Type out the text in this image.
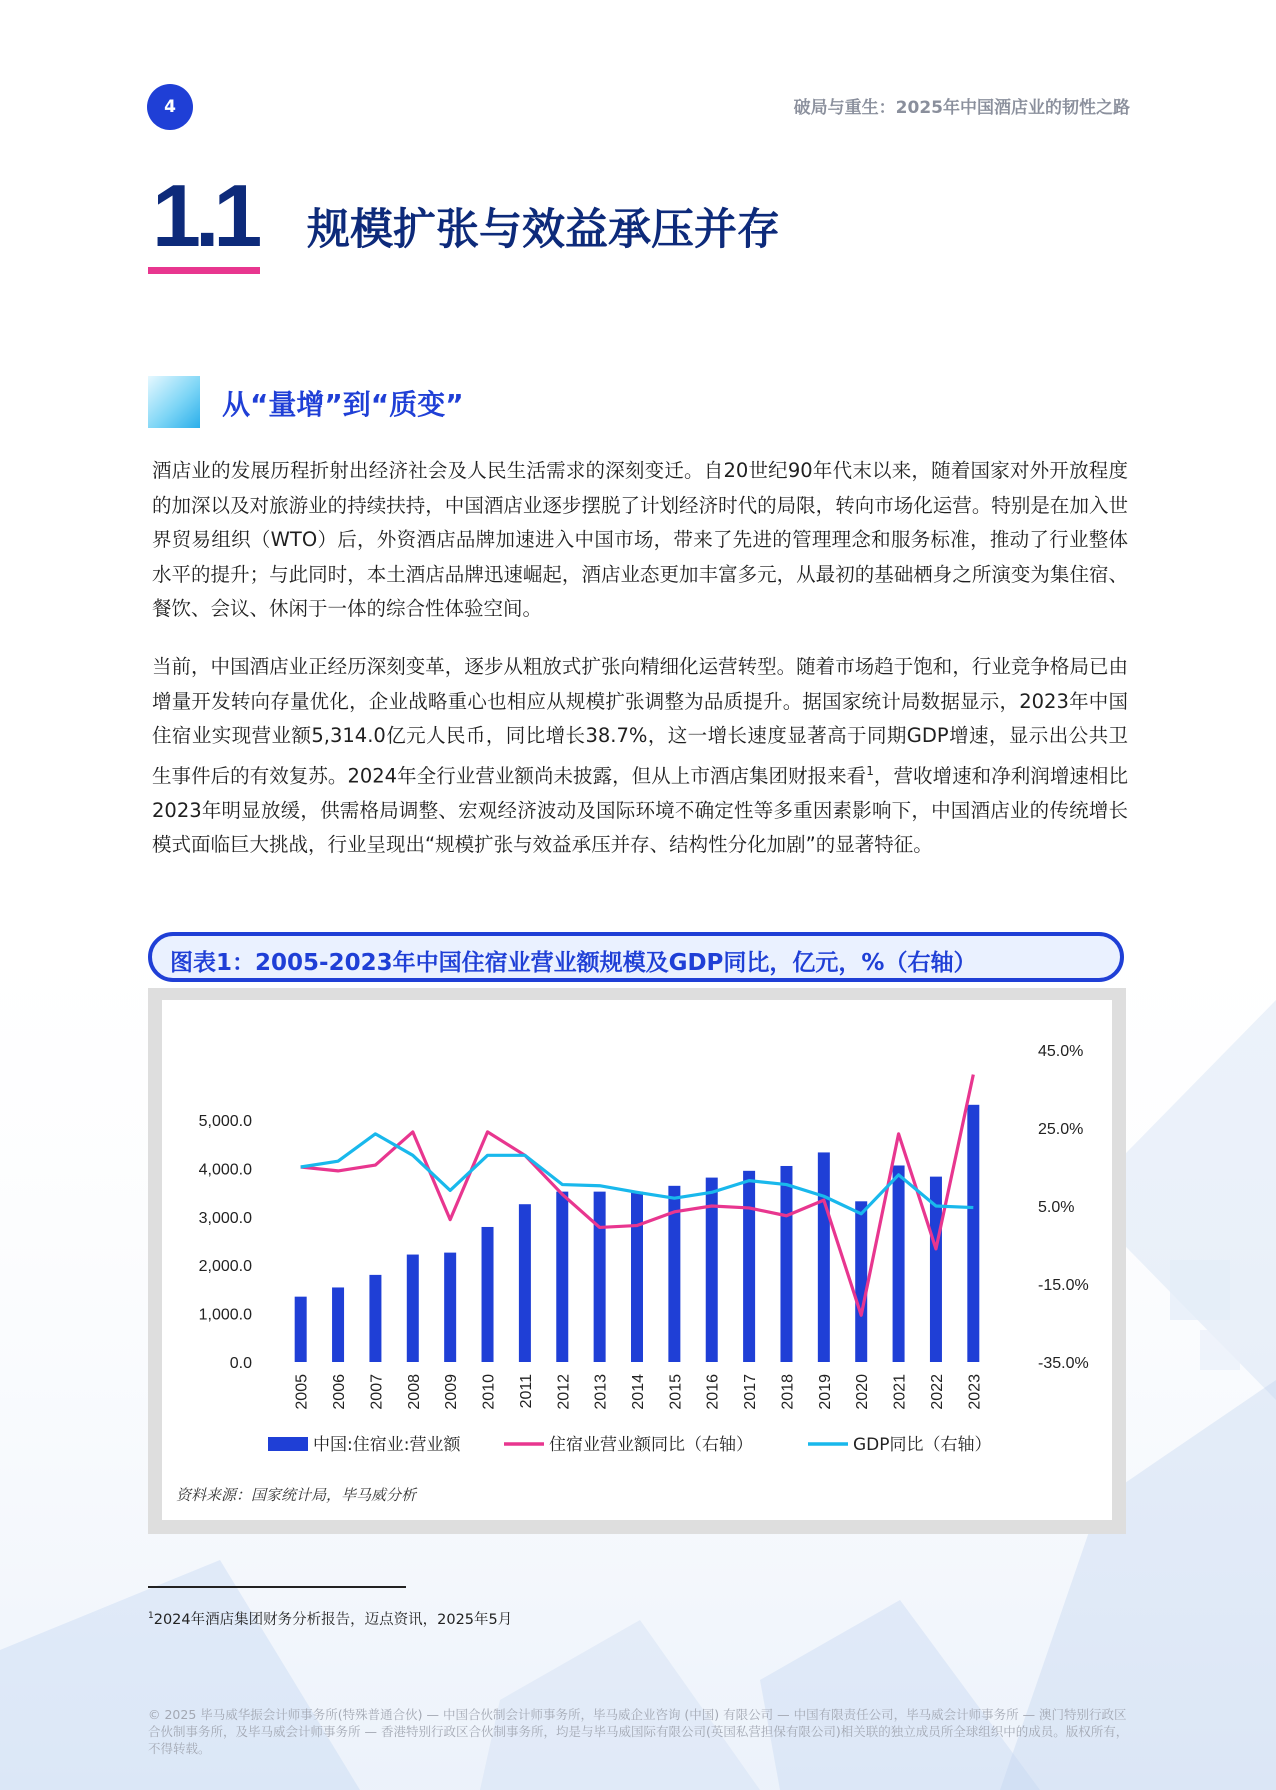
4	破局与重生：2025年中国酒店业的韧性之路
1.1 规模扩张与效益承压并存
从“量增”到“质变”

酒店业的发展历程折射出经济社会及人民生活需求的深刻变迁。自20世纪90年代末以来，随着国家对外开放程度的加深以及对旅游业的持续扶持，中国酒店业逐步摆脱了计划经济时代的局限，转向市场化运营。特别是在加入世界贸易组织（WTO）后，外资酒店品牌加速进入中国市场，带来了先进的管理理念和服务标准，推动了行业整体水平的提升；与此同时，本土酒店品牌迅速崛起，酒店业态更加丰富多元，从最初的基础栖身之所演变为集住宿、餐饮、会议、休闲于一体的综合性体验空间。

当前，中国酒店业正经历深刻变革，逐步从粗放式扩张向精细化运营转型。随着市场趋于饱和，行业竞争格局已由增量开发转向存量优化，企业战略重心也相应从规模扩张调整为品质提升。据国家统计局数据显示，2023年中国住宿业实现营业额5,314.0亿元人民币，同比增长38.7%，这一增长速度显著高于同期GDP增速，显示出公共卫生事件后的有效复苏。2024年全行业营业额尚未披露，但从上市酒店集团财报来看$^1$，营收增速和净利润增速相比2023年明显放缓，供需格局调整、宏观经济波动及国际环境不确定性等多重因素影响下，中国酒店业的传统增长模式面临巨大挑战，行业呈现出“规模扩张与效益承压并存、结构性分化加剧”的显著特征。

图表1：2005-2023年中国住宿业营业额规模及GDP同比，亿元，%（右轴）
0.0
1,000.0
2,000.0
3,000.0
4,000.0
5,000.0
-35.0%
-15.0%
5.0%
25.0%
45.0%
2005 2006 2007 2008 2009 2010 2011 2012 2013 2014 2015 2016 2017 2018 2019 2020 2021 2022 2023
中国:住宿业:营业额	住宿业营业额同比（右轴）	GDP同比（右轴）
资料来源：国家统计局，毕马威分析
$^1$2024年酒店集团财务分析报告，迈点资讯，2025年5月
© 2025 毕马威华振会计师事务所(特殊普通合伙) — 中国合伙制会计师事务所，毕马威企业咨询 (中国) 有限公司 — 中国有限责任公司，毕马威会计师事务所 — 澳门特别行政区合伙制事务所，及毕马威会计师事务所 — 香港特别行政区合伙制事务所，均是与毕马威国际有限公司(英国私营担保有限公司)相关联的独立成员所全球组织中的成员。版权所有，不得转载。
